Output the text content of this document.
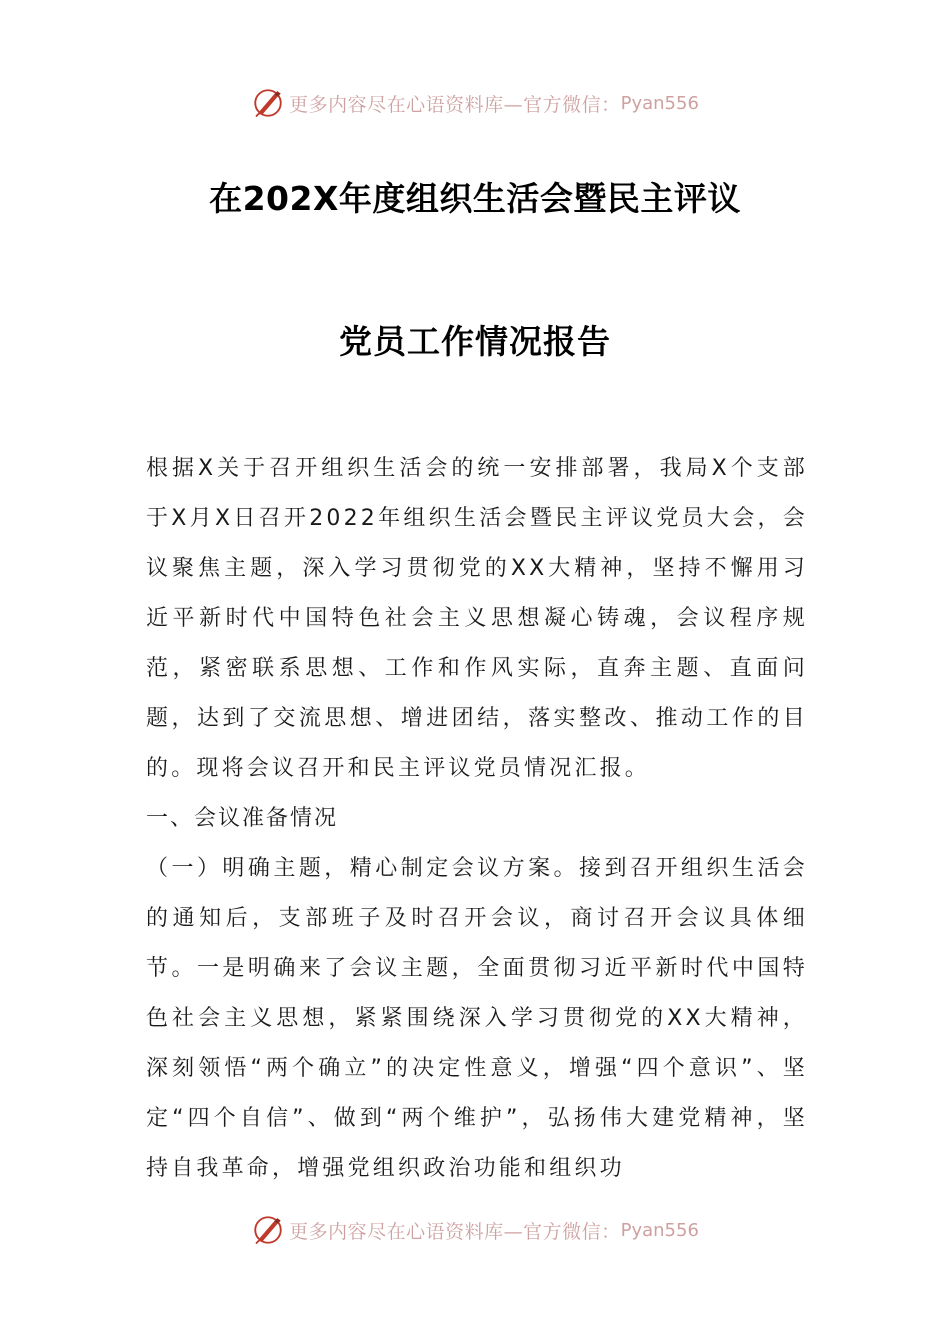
更多内容尽在心语资料库—官方微信： Pyan556
在202X年度组织生活会暨民主评议
党员工作情况报告

根据X关于召开组织生活会的统一安排部署，我局X个支部于X月X日召开2022年组织生活会暨民主评议党员大会，会议聚焦主题，深入学习贯彻党的XX大精神，坚持不懈用习近平新时代中国特色社会主义思想凝心铸魂，会议程序规范，紧密联系思想、工作和作风实际，直奔主题、直面问题，达到了交流思想、增进团结，落实整改、推动工作的目的。现将会议召开和民主评议党员情况汇报。

一、会议准备情况

（一）明确主题，精心制定会议方案。接到召开组织生活会的通知后，支部班子及时召开会议，商讨召开会议具体细节。一是明确来了会议主题，全面贯彻习近平新时代中国特色社会主义思想，紧紧围绕深入学习贯彻党的XX大精神，深刻领悟“两个确立”的决定性意义，增强“四个意识”、坚定“四个自信”、做到“两个维护”，弘扬伟大建党精神，坚持自我革命，增强党组织政治功能和组织功

更多内容尽在心语资料库—官方微信： Pyan556
